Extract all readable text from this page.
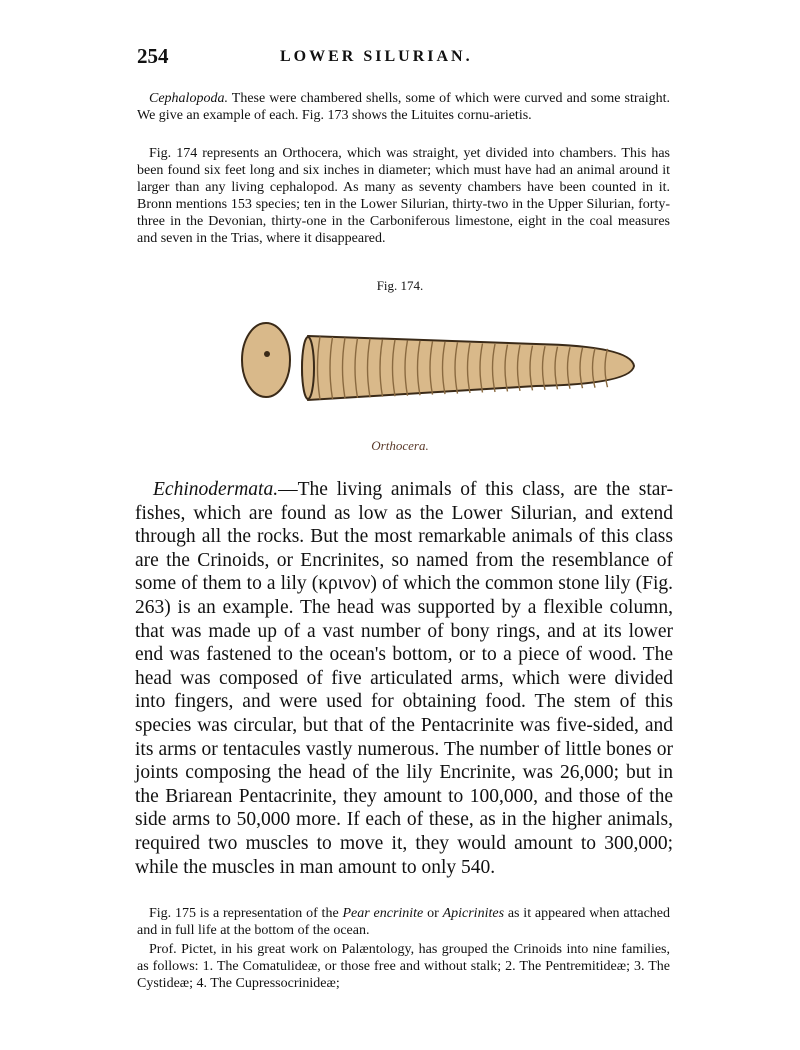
254	LOWER SILURIAN.

Cephalopoda. These were chambered shells, some of which were curved and some straight. We give an example of each. Fig. 173 shows the Lituites cornu-arietis.

Fig. 174 represents an Orthocera, which was straight, yet divided into chambers. This has been found six feet long and six inches in diameter; which must have had an animal around it larger than any living cephalopod. As many as seventy chambers have been counted in it. Bronn mentions 153 species; ten in the Lower Silurian, thirty-two in the Upper Silurian, forty-three in the Devonian, thirty-one in the Carboniferous limestone, eight in the coal measures and seven in the Trias, where it disappeared.

Fig. 174.
Orthocera.

Echinodermata.—The living animals of this class, are the star-fishes, which are found as low as the Lower Silurian, and extend through all the rocks. But the most remarkable animals of this class are the Crinoids, or Encrinites, so named from the resemblance of some of them to a lily (κρινον) of which the common stone lily (Fig. 263) is an example. The head was supported by a flexible column, that was made up of a vast number of bony rings, and at its lower end was fastened to the ocean's bottom, or to a piece of wood. The head was composed of five articulated arms, which were divided into fingers, and were used for obtaining food. The stem of this species was circular, but that of the Pentacrinite was five-sided, and its arms or tentacules vastly numerous. The number of little bones or joints composing the head of the lily Encrinite, was 26,000; but in the Briarean Pentacrinite, they amount to 100,000, and those of the side arms to 50,000 more. If each of these, as in the higher animals, required two muscles to move it, they would amount to 300,000; while the muscles in man amount to only 540.

Fig. 175 is a representation of the Pear encrinite or Apicrinites as it appeared when attached and in full life at the bottom of the ocean.

Prof. Pictet, in his great work on Palæntology, has grouped the Crinoids into nine families, as follows: 1. The Comatulideæ, or those free and without stalk; 2. The Pentremitideæ; 3. The Cystideæ; 4. The Cupressocrinideæ;
